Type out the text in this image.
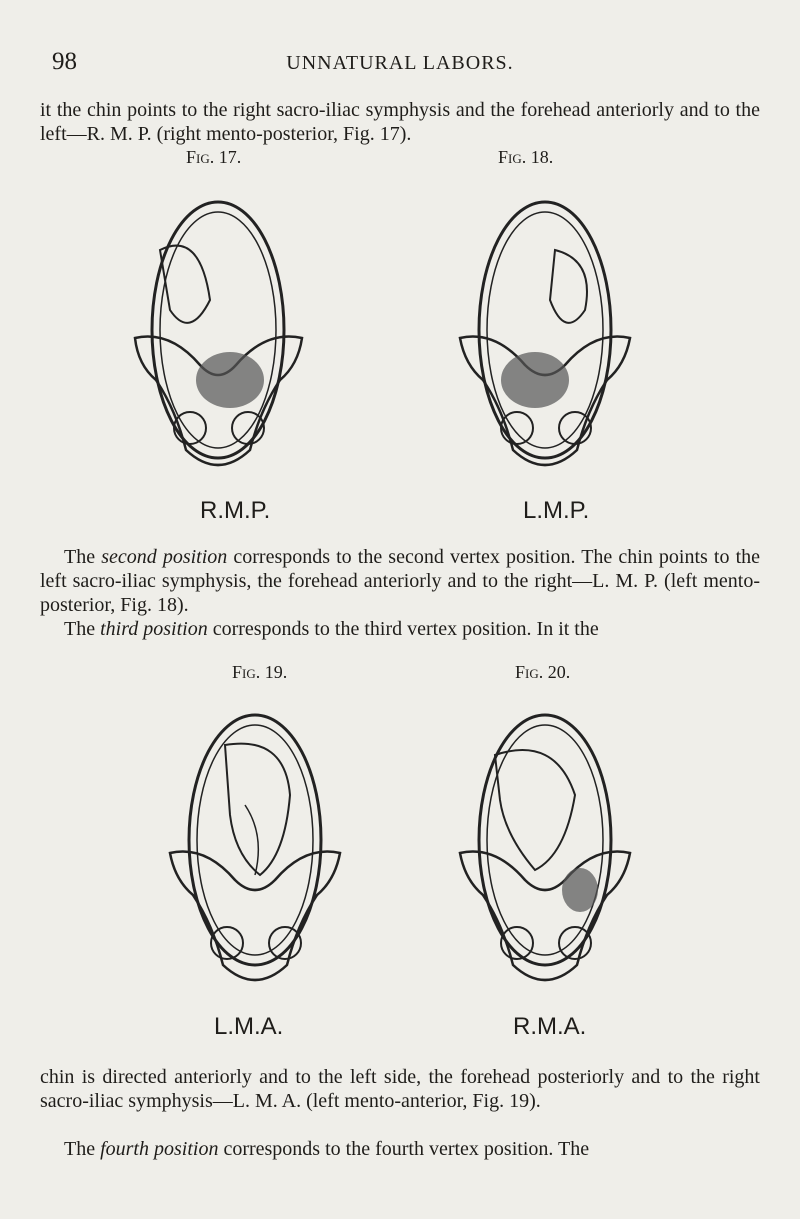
98	UNNATURAL LABORS.

it the chin points to the right sacro-iliac symphysis and the forehead anteriorly and to the left—R. M. P. (right mento-posterior, Fig. 17).

Fig. 17.	Fig. 18.
R.M.P.	L.M.P.

The second position corresponds to the second vertex position. The chin points to the left sacro-iliac symphysis, the forehead anteriorly and to the right—L. M. P. (left mento-posterior, Fig. 18).

The third position corresponds to the third vertex position. In it the

Fig. 19.	Fig. 20.
L.M.A.	R.M.A.

chin is directed anteriorly and to the left side, the forehead posteriorly and to the right sacro-iliac symphysis—L. M. A. (left mento-anterior, Fig. 19).

The fourth position corresponds to the fourth vertex position. The
